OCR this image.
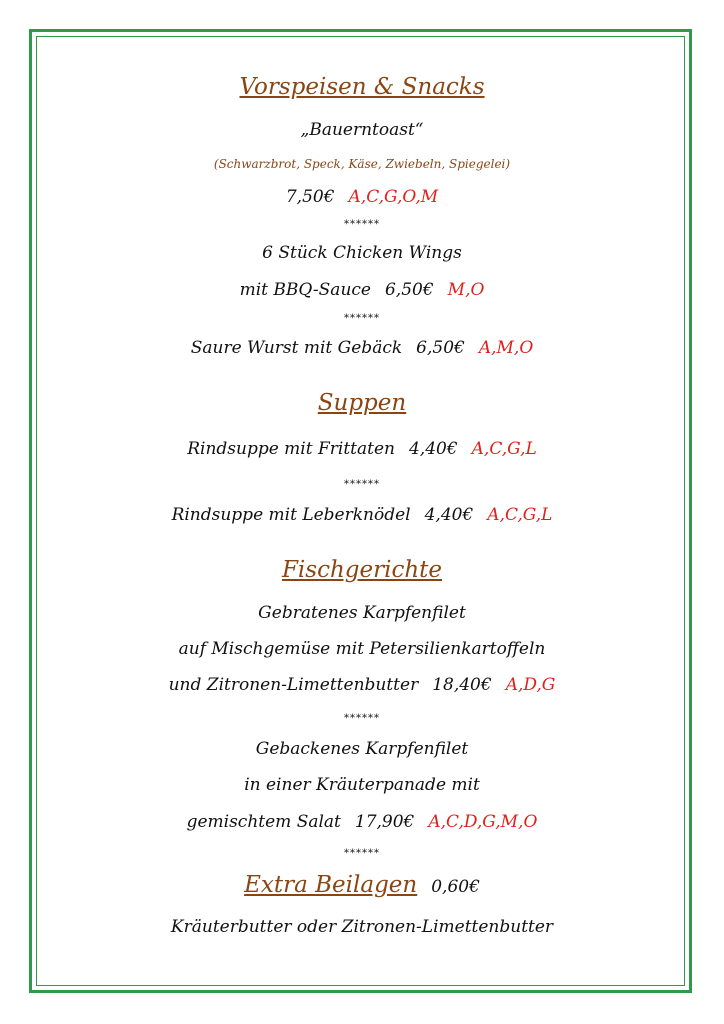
Vorspeisen & Snacks
„Bauerntoast“
(Schwarzbrot, Speck, Käse, Zwiebeln, Spiegelei)
7,50€ A,C,G,O,M
******
6 Stück Chicken Wings
mit BBQ-Sauce 6,50€ M,O
******
Saure Wurst mit Gebäck 6,50€ A,M,O
Suppen
Rindsuppe mit Frittaten 4,40€ A,C,G,L
******
Rindsuppe mit Leberknödel 4,40€ A,C,G,L
Fischgerichte
Gebratenes Karpfenfilet
auf Mischgemüse mit Petersilienkartoffeln
und Zitronen-Limettenbutter 18,40€ A,D,G
******
Gebackenes Karpfenfilet
in einer Kräuterpanade mit
gemischtem Salat 17,90€ A,C,D,G,M,O
******
Extra Beilagen 0,60€
Kräuterbutter oder Zitronen-Limettenbutter
